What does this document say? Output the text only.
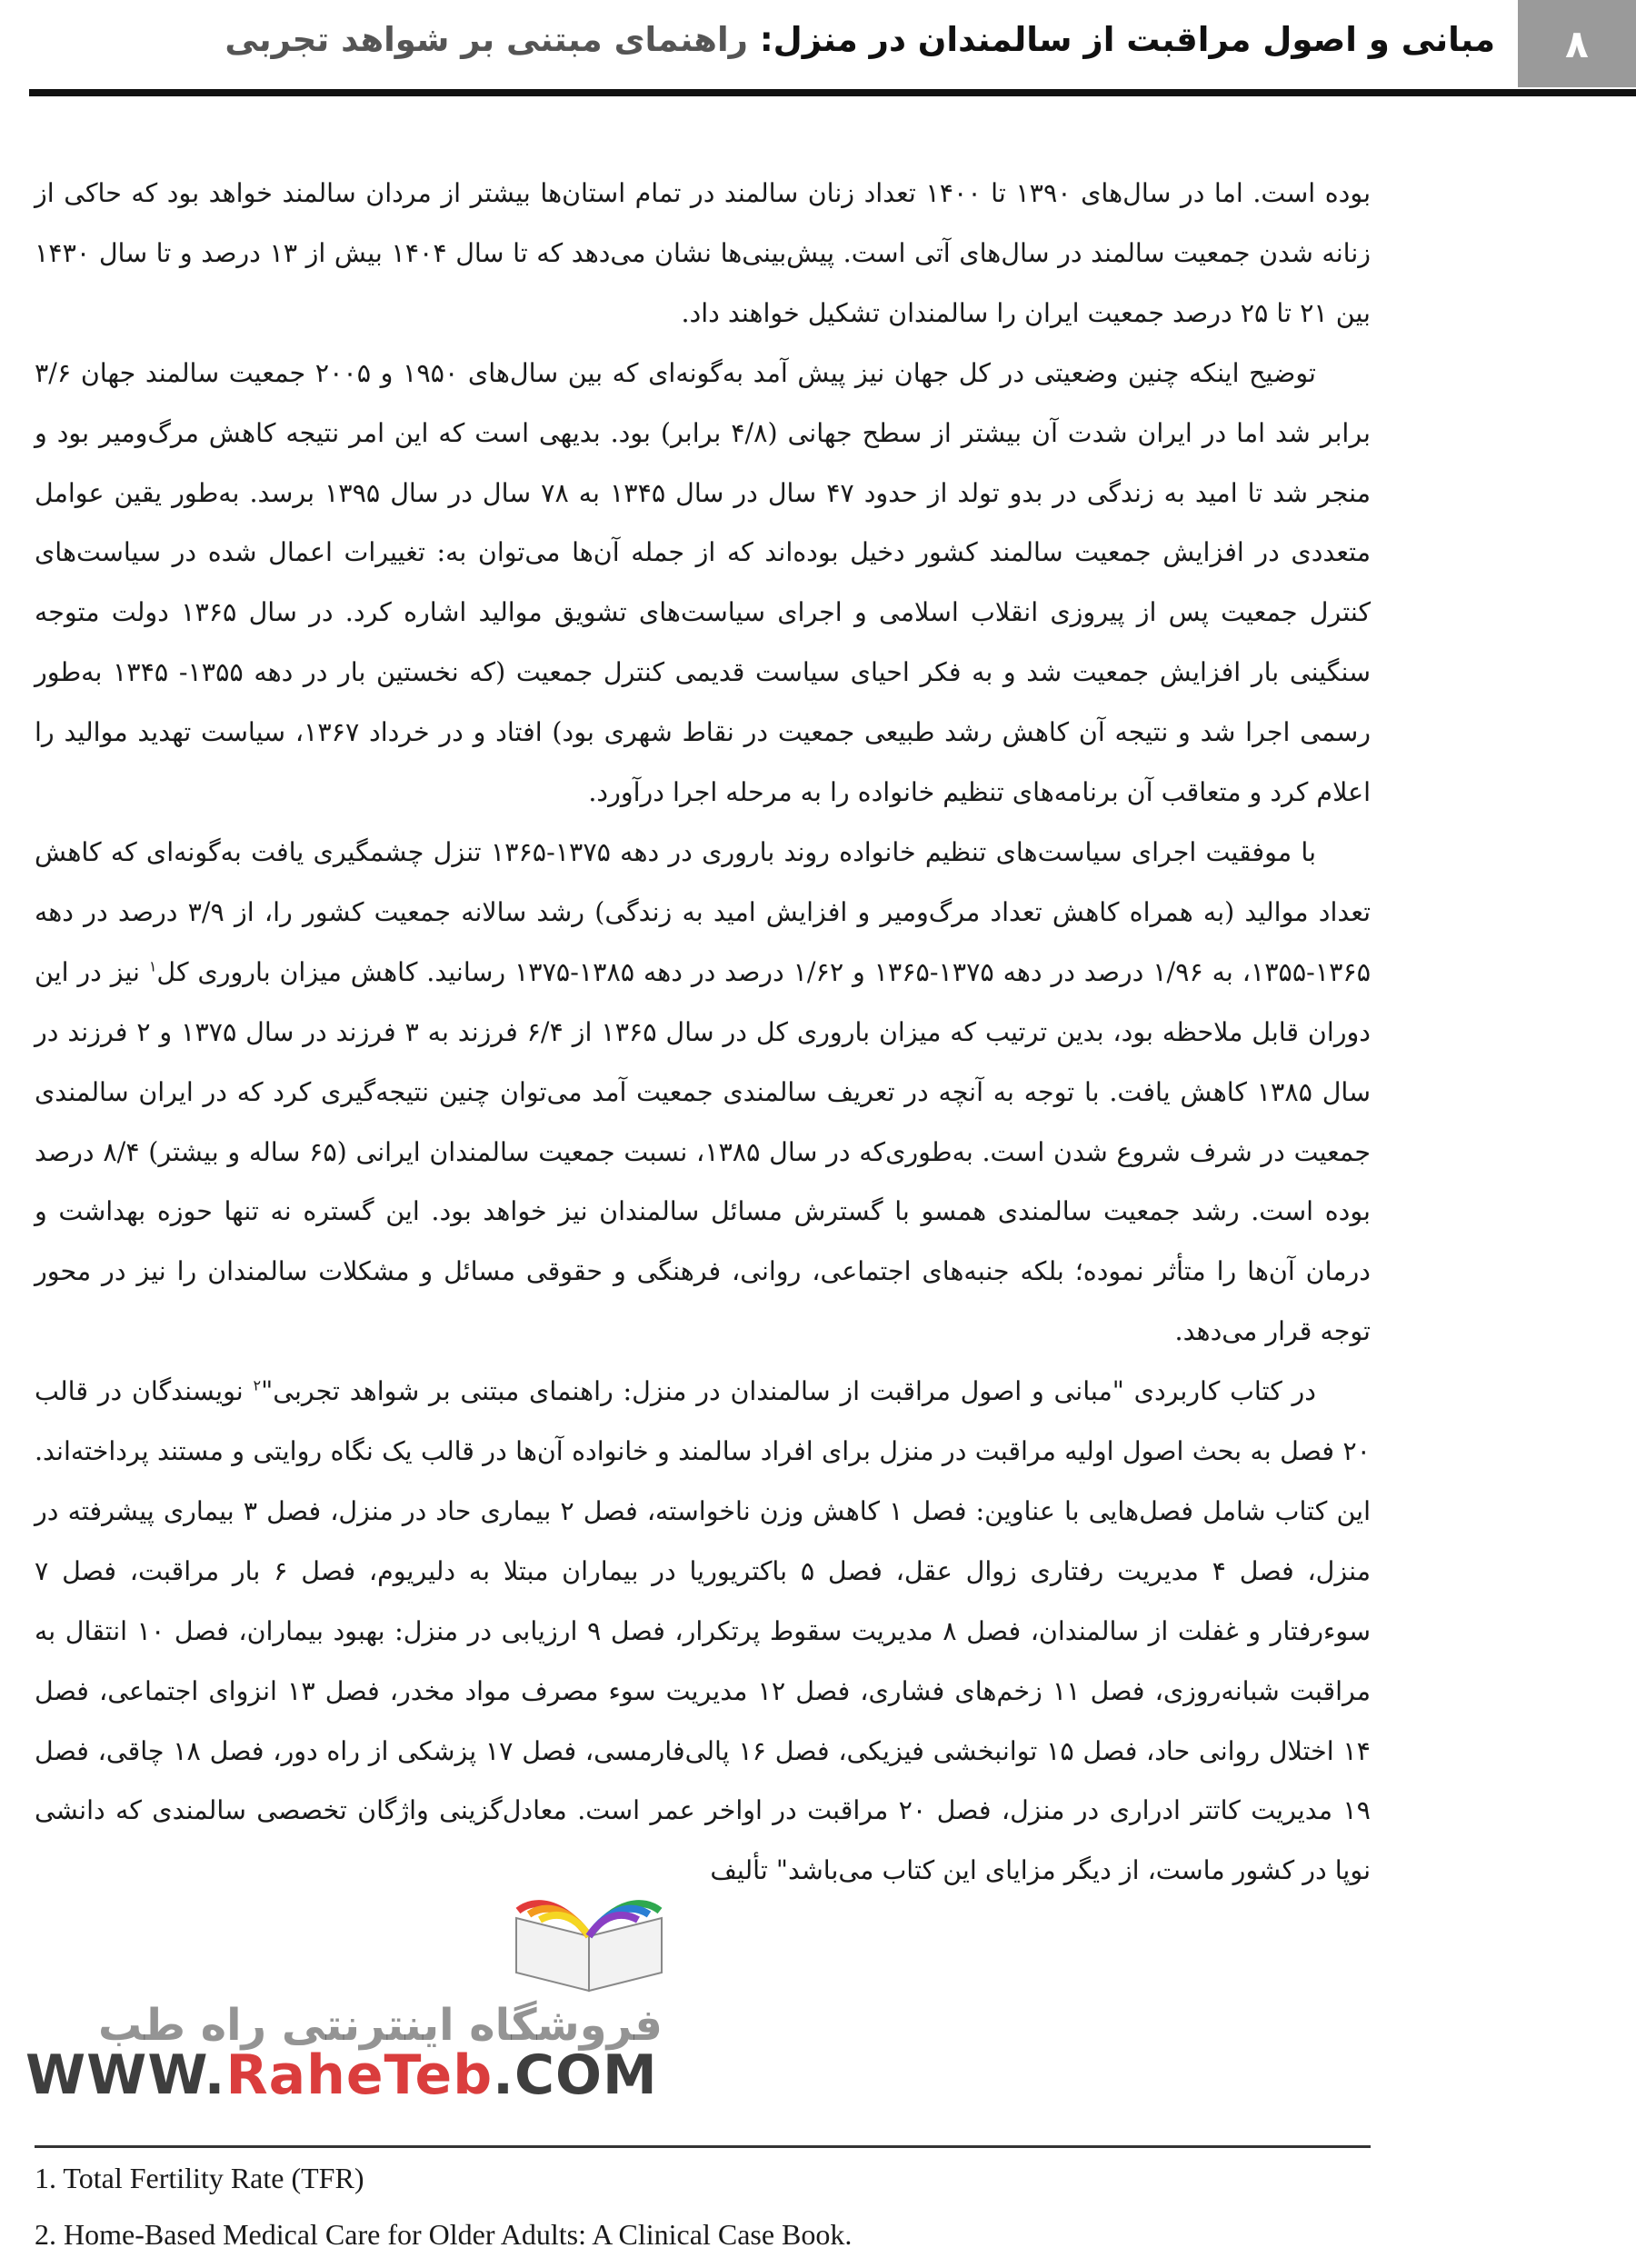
۸
مبانی و اصول مراقبت از سالمندان در منزل: راهنمای مبتنی بر شواهد تجربی

بوده است. اما در سال‌های ۱۳۹۰ تا ۱۴۰۰ تعداد زنان سالمند در تمام استان‌ها بیشتر از مردان سالمند خواهد بود که حاکی از زنانه شدن جمعیت سالمند در سال‌های آتی است. پیش‌بینی‌ها نشان می‌دهد که تا سال ۱۴۰۴ بیش از ۱۳ درصد و تا سال ۱۴۳۰ بین ۲۱ تا ۲۵ درصد جمعیت ایران را سالمندان تشکیل خواهند داد.

توضیح اینکه چنین وضعیتی در کل جهان نیز پیش آمد به‌گونه‌ای که بین سال‌های ۱۹۵۰ و ۲۰۰۵ جمعیت سالمند جهان ۳/۶ برابر شد اما در ایران شدت آن بیشتر از سطح جهانی (۴/۸ برابر) بود. بدیهی است که این امر نتیجه کاهش مرگ‌ومیر بود و منجر شد تا امید به زندگی در بدو تولد از حدود ۴۷ سال در سال ۱۳۴۵ به ۷۸ سال در سال ۱۳۹۵ برسد. به‌طور یقین عوامل متعددی در افزایش جمعیت سالمند کشور دخیل بوده‌اند که از جمله آن‌ها می‌توان به: تغییرات اعمال شده در سیاست‌های کنترل جمعیت پس از پیروزی انقلاب اسلامی و اجرای سیاست‌های تشویق موالید اشاره کرد. در سال ۱۳۶۵ دولت متوجه سنگینی بار افزایش جمعیت شد و به فکر احیای سیاست قدیمی کنترل جمعیت (که نخستین بار در دهه ۱۳۵۵- ۱۳۴۵ به‌طور رسمی اجرا شد و نتیجه آن کاهش رشد طبیعی جمعیت در نقاط شهری بود) افتاد و در خرداد ۱۳۶۷، سیاست تهدید موالید را اعلام کرد و متعاقب آن برنامه‌های تنظیم خانواده را به مرحله اجرا درآورد.

با موفقیت اجرای سیاست‌های تنظیم خانواده روند باروری در دهه ۱۳۷۵-۱۳۶۵ تنزل چشمگیری یافت به‌گونه‌ای که کاهش تعداد موالید (به همراه کاهش تعداد مرگ‌ومیر و افزایش امید به زندگی) رشد سالانه جمعیت کشور را، از ۳/۹ درصد در دهه ۱۳۶۵-۱۳۵۵، به ۱/۹۶ درصد در دهه ۱۳۷۵-۱۳۶۵ و ۱/۶۲ درصد در دهه ۱۳۸۵-۱۳۷۵ رسانید. کاهش میزان باروری کل$^۱$ نیز در این دوران قابل ملاحظه بود، بدین ترتیب که میزان باروری کل در سال ۱۳۶۵ از ۶/۴ فرزند به ۳ فرزند در سال ۱۳۷۵ و ۲ فرزند در سال ۱۳۸۵ کاهش یافت. با توجه به آنچه در تعریف سالمندی جمعیت آمد می‌توان چنین نتیجه‌گیری کرد که در ایران سالمندی جمعیت در شرف شروع شدن است. به‌طوری‌که در سال ۱۳۸۵، نسبت جمعیت سالمندان ایرانی (۶۵ ساله و بیشتر) ۸/۴ درصد بوده است. رشد جمعیت سالمندی همسو با گسترش مسائل سالمندان نیز خواهد بود. این گستره نه تنها حوزه بهداشت و درمان آن‌ها را متأثر نموده؛ بلکه جنبه‌های اجتماعی، روانی، فرهنگی و حقوقی مسائل و مشکلات سالمندان را نیز در محور توجه قرار می‌دهد.

در کتاب کاربردی "مبانی و اصول مراقبت از سالمندان در منزل: راهنمای مبتنی بر شواهد تجربی"$^۲$ نویسندگان در قالب ۲۰ فصل به بحث اصول اولیه مراقبت در منزل برای افراد سالمند و خانواده آن‌ها در قالب یک نگاه روایتی و مستند پرداخته‌اند. این کتاب شامل فصل‌هایی با عناوین: فصل ۱ کاهش وزن ناخواسته، فصل ۲ بیماری حاد در منزل، فصل ۳ بیماری پیشرفته در منزل، فصل ۴ مدیریت رفتاری زوال عقل، فصل ۵ باکتریوریا در بیماران مبتلا به دلیریوم، فصل ۶ بار مراقبت، فصل ۷ سوء‌رفتار و غفلت از سالمندان، فصل ۸ مدیریت سقوط پرتکرار، فصل ۹ ارزیابی در منزل: بهبود بیماران، فصل ۱۰ انتقال به مراقبت شبانه‌روزی، فصل ۱۱ زخم‌های فشاری، فصل ۱۲ مدیریت سوء مصرف مواد مخدر، فصل ۱۳ انزوای اجتماعی، فصل ۱۴ اختلال روانی حاد، فصل ۱۵ توانبخشی فیزیکی، فصل ۱۶ پالی‌فارمسی، فصل ۱۷ پزشکی از راه دور، فصل ۱۸ چاقی، فصل ۱۹ مدیریت کاتتر ادراری در منزل، فصل ۲۰ مراقبت در اواخر عمر است. معادل‌گزینی واژگان تخصصی سالمندی که دانشی نوپا در کشور ماست، از دیگر مزایای این کتاب می‌باشد" تألیف

فروشگاه اینترنتی راه طب
WWW.RaheTeb.COM
1. Total Fertility Rate (TFR)
2. Home-Based Medical Care for Older Adults: A Clinical Case Book.
